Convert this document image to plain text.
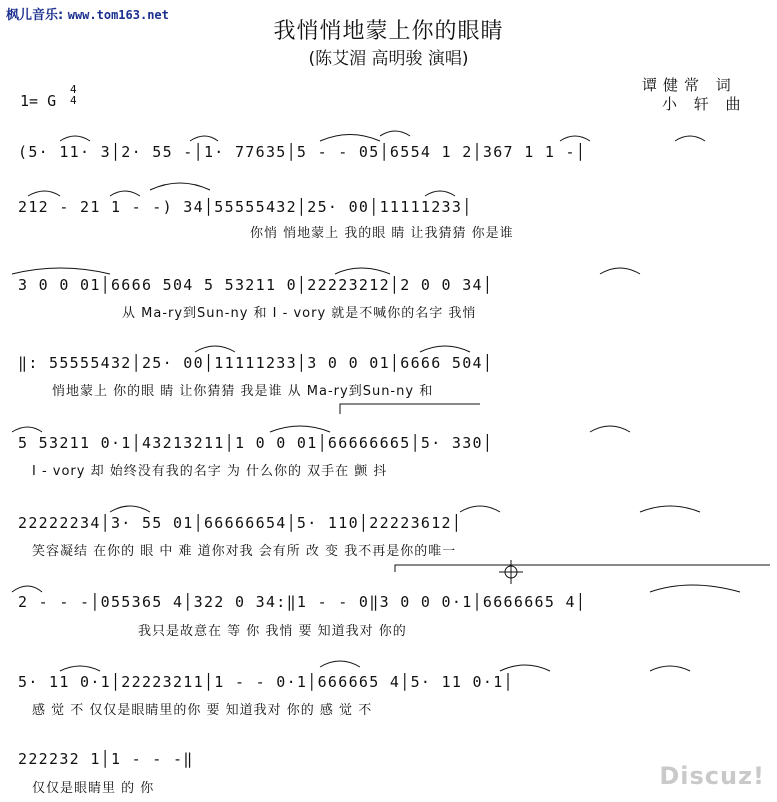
枫儿音乐: www.tom163.net
我悄悄地蒙上你的眼睛
(陈艾湄 高明骏 演唱)
谭健常 词
小 轩 曲
1= G
4
4
(5· 11· 3│2· 55 -│1· 77635│5 - - 05│6554 1 2│367 1 1 -│
212 - 21 1 - -) 34│55555432│25· 00│11111233│
你悄 悄地蒙上 我的眼 睛 让我猜猜 你是谁
3 0 0 01│6666 504 5 53211 0│22223212│2 0 0 34│
从 Ma-ry到Sun-ny 和 I - vory 就是不喊你的名字 我悄
‖: 55555432│25· 00│11111233│3 0 0 01│6666 504│
悄地蒙上 你的眼 睛 让你猜猜 我是谁 从 Ma-ry到Sun-ny 和
5 53211 0·1│43213211│1 0 0 01│66666665│5· 330│
I - vory 却 始终没有我的名字 为 什么你的 双手在 颤 抖
22222234│3· 55 01│66666654│5· 110│22223612│
笑容凝结 在你的 眼 中 难 道你对我 会有所 改 变 我不再是你的唯一
2 - - -│055365 4│322 0 34:‖1 - - 0‖3 0 0 0·1│6666665 4│
我只是故意在 等 你 我悄 要 知道我对 你的
5· 11 0·1│22223211│1 - - 0·1│666665 4│5· 11 0·1│
感 觉 不 仅仅是眼睛里的你 要 知道我对 你的 感 觉 不
222232 1│1 - - -‖
仅仅是眼睛里 的 你	Discuz!
